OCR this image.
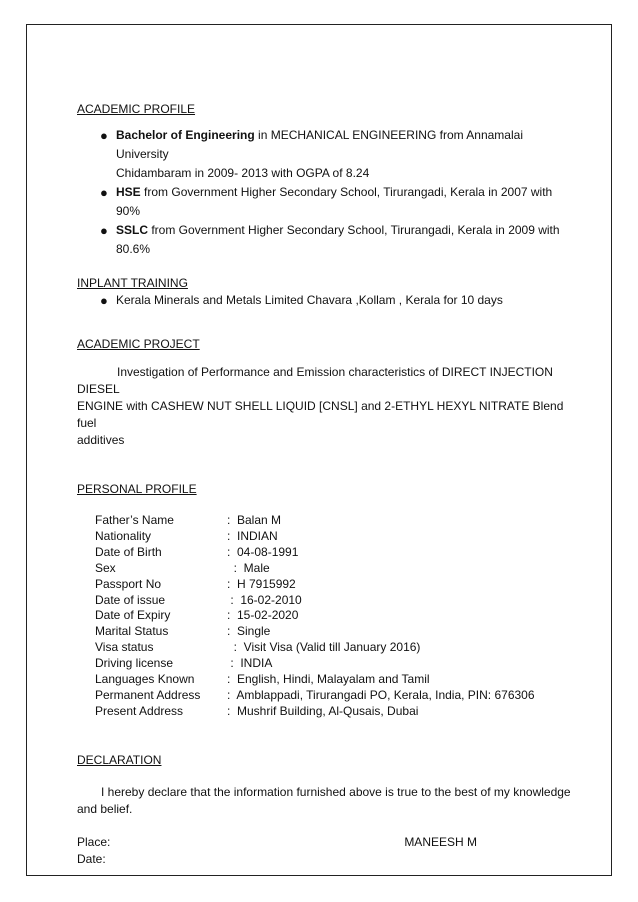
ACADEMIC PROFILE

● Bachelor of Engineering in MECHANICAL ENGINEERING from Annamalai University
Chidambaram in 2009- 2013 with OGPA of 8.24
● HSE from Government Higher Secondary School, Tirurangadi, Kerala in 2007 with 90%
● SSLC from Government Higher Secondary School, Tirurangadi, Kerala in 2009 with 80.6%

INPLANT TRAINING

● Kerala Minerals and Metals Limited Chavara ,Kollam , Kerala for 10 days

ACADEMIC PROJECT

Investigation of Performance and Emission characteristics of DIRECT INJECTION DIESEL
ENGINE with CASHEW NUT SHELL LIQUID [CNSL] and 2-ETHYL HEXYL NITRATE Blend fuel
additives

PERSONAL PROFILE

Father’s Name	:  Balan M
Nationality	:  INDIAN
Date of Birth	:  04-08-1991
Sex	:  Male
Passport No	:  H 7915992
Date of issue	:  16-02-2010
Date of Expiry	:  15-02-2020
Marital Status	:  Single
Visa status	:  Visit Visa (Valid till January 2016)
Driving license	:  INDIA
Languages Known	:  English, Hindi, Malayalam and Tamil
Permanent Address	:  Amblappadi, Tirurangadi PO, Kerala, India, PIN: 676306
Present Address	:  Mushrif Building, Al-Qusais, Dubai

DECLARATION

I hereby declare that the information furnished above is true to the best of my knowledge
and belief.

Place:	MANEESH M
Date:
